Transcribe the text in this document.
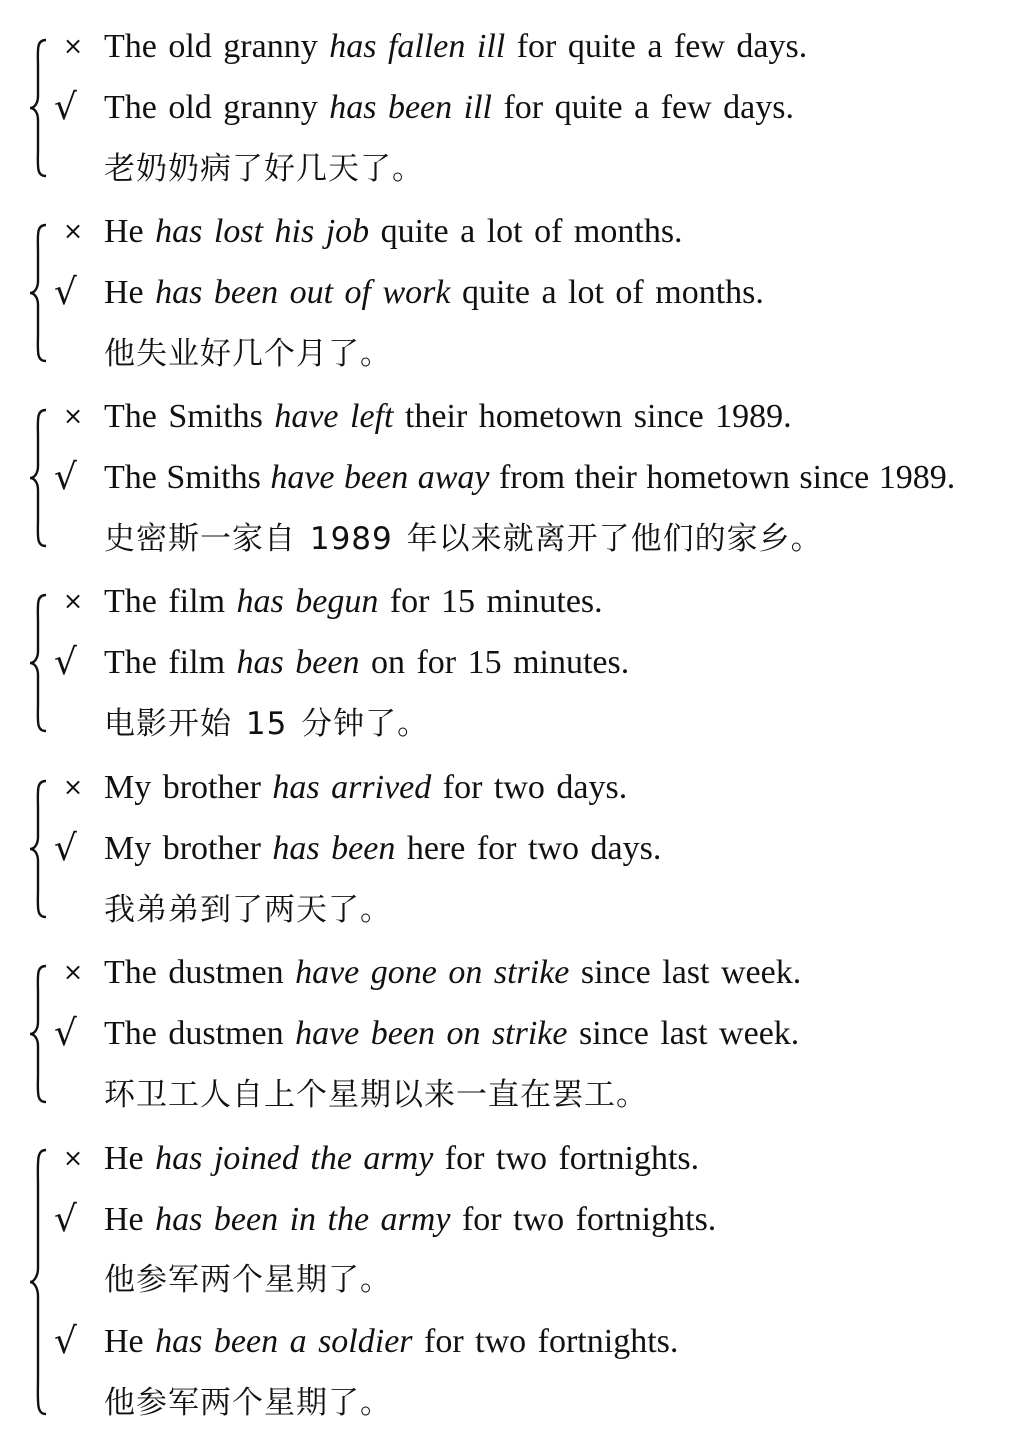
× The old granny has fallen ill for quite a few days.
√ The old granny has been ill for quite a few days.
老奶奶病了好几天了。
× He has lost his job quite a lot of months.
√ He has been out of work quite a lot of months.
他失业好几个月了。
× The Smiths have left their hometown since 1989.
√ The Smiths have been away from their hometown since 1989.
史密斯一家自 1989 年以来就离开了他们的家乡。
× The film has begun for 15 minutes.
√ The film has been on for 15 minutes.
电影开始 15 分钟了。
× My brother has arrived for two days.
√ My brother has been here for two days.
我弟弟到了两天了。
× The dustmen have gone on strike since last week.
√ The dustmen have been on strike since last week.
环卫工人自上个星期以来一直在罢工。
× He has joined the army for two fortnights.
√ He has been in the army for two fortnights.
他参军两个星期了。
√ He has been a soldier for two fortnights.
他参军两个星期了。
